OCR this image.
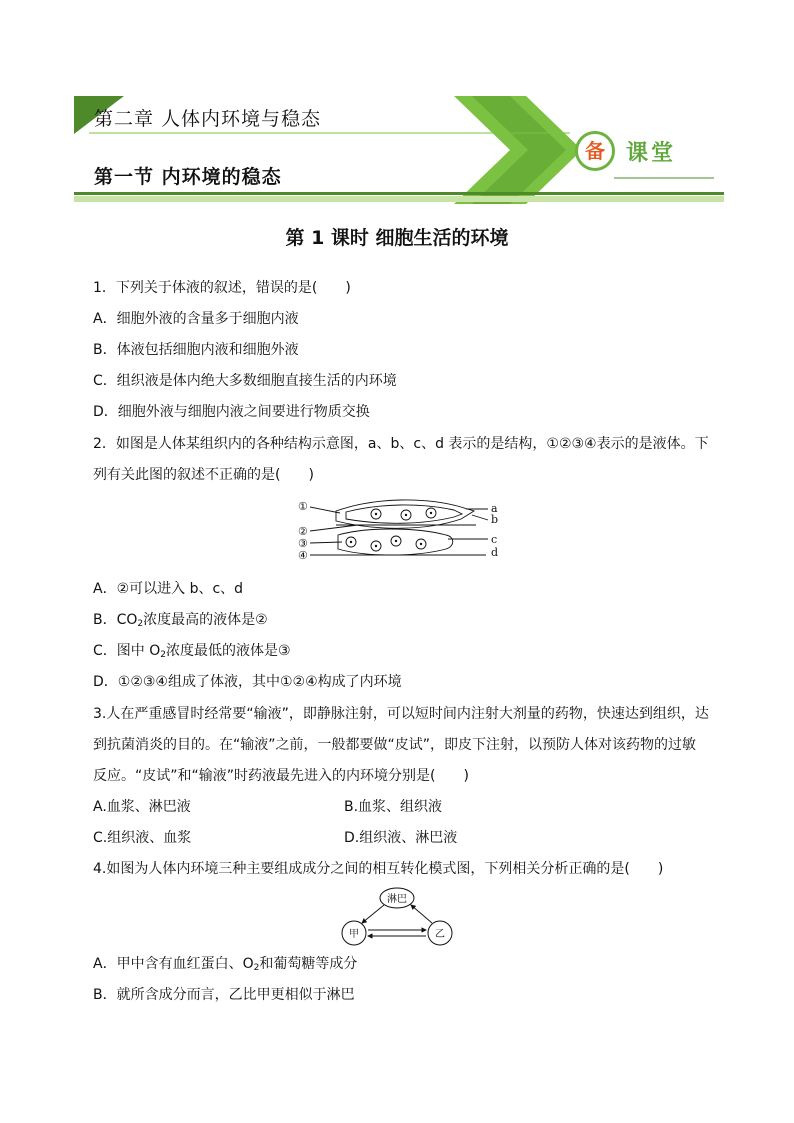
第二章 人体内环境与稳态
第一节 内环境的稳态
备 课堂
第 1 课时 细胞生活的环境
1．下列关于体液的叙述，错误的是(　　)
A．细胞外液的含量多于细胞内液
B．体液包括细胞内液和细胞外液
C．组织液是体内绝大多数细胞直接生活的内环境
D．细胞外液与细胞内液之间要进行物质交换
2．如图是人体某组织内的各种结构示意图，a、b、c、d 表示的是结构，①②③④表示的是液体。下
列有关此图的叙述不正确的是(　　)
①
②
③
④
a
b
c
d
A．②可以进入 b、c、d
B．$CO_2$浓度最高的液体是②
C．图中 $O_2$浓度最低的液体是③
D．①②③④组成了体液，其中①②④构成了内环境
3.人在严重感冒时经常要“输液”，即静脉注射，可以短时间内注射大剂量的药物，快速达到组织，达
到抗菌消炎的目的。在“输液”之前，一般都要做“皮试”，即皮下注射，以预防人体对该药物的过敏
反应。“皮试”和“输液”时药液最先进入的内环境分别是(　　)
A.血浆、淋巴液	B.血浆、组织液
C.组织液、血浆	D.组织液、淋巴液
4.如图为人体内环境三种主要组成成分之间的相互转化模式图，下列相关分析正确的是(　　)
淋巴
甲	乙
A．甲中含有血红蛋白、$O_2$和葡萄糖等成分
B．就所含成分而言，乙比甲更相似于淋巴
